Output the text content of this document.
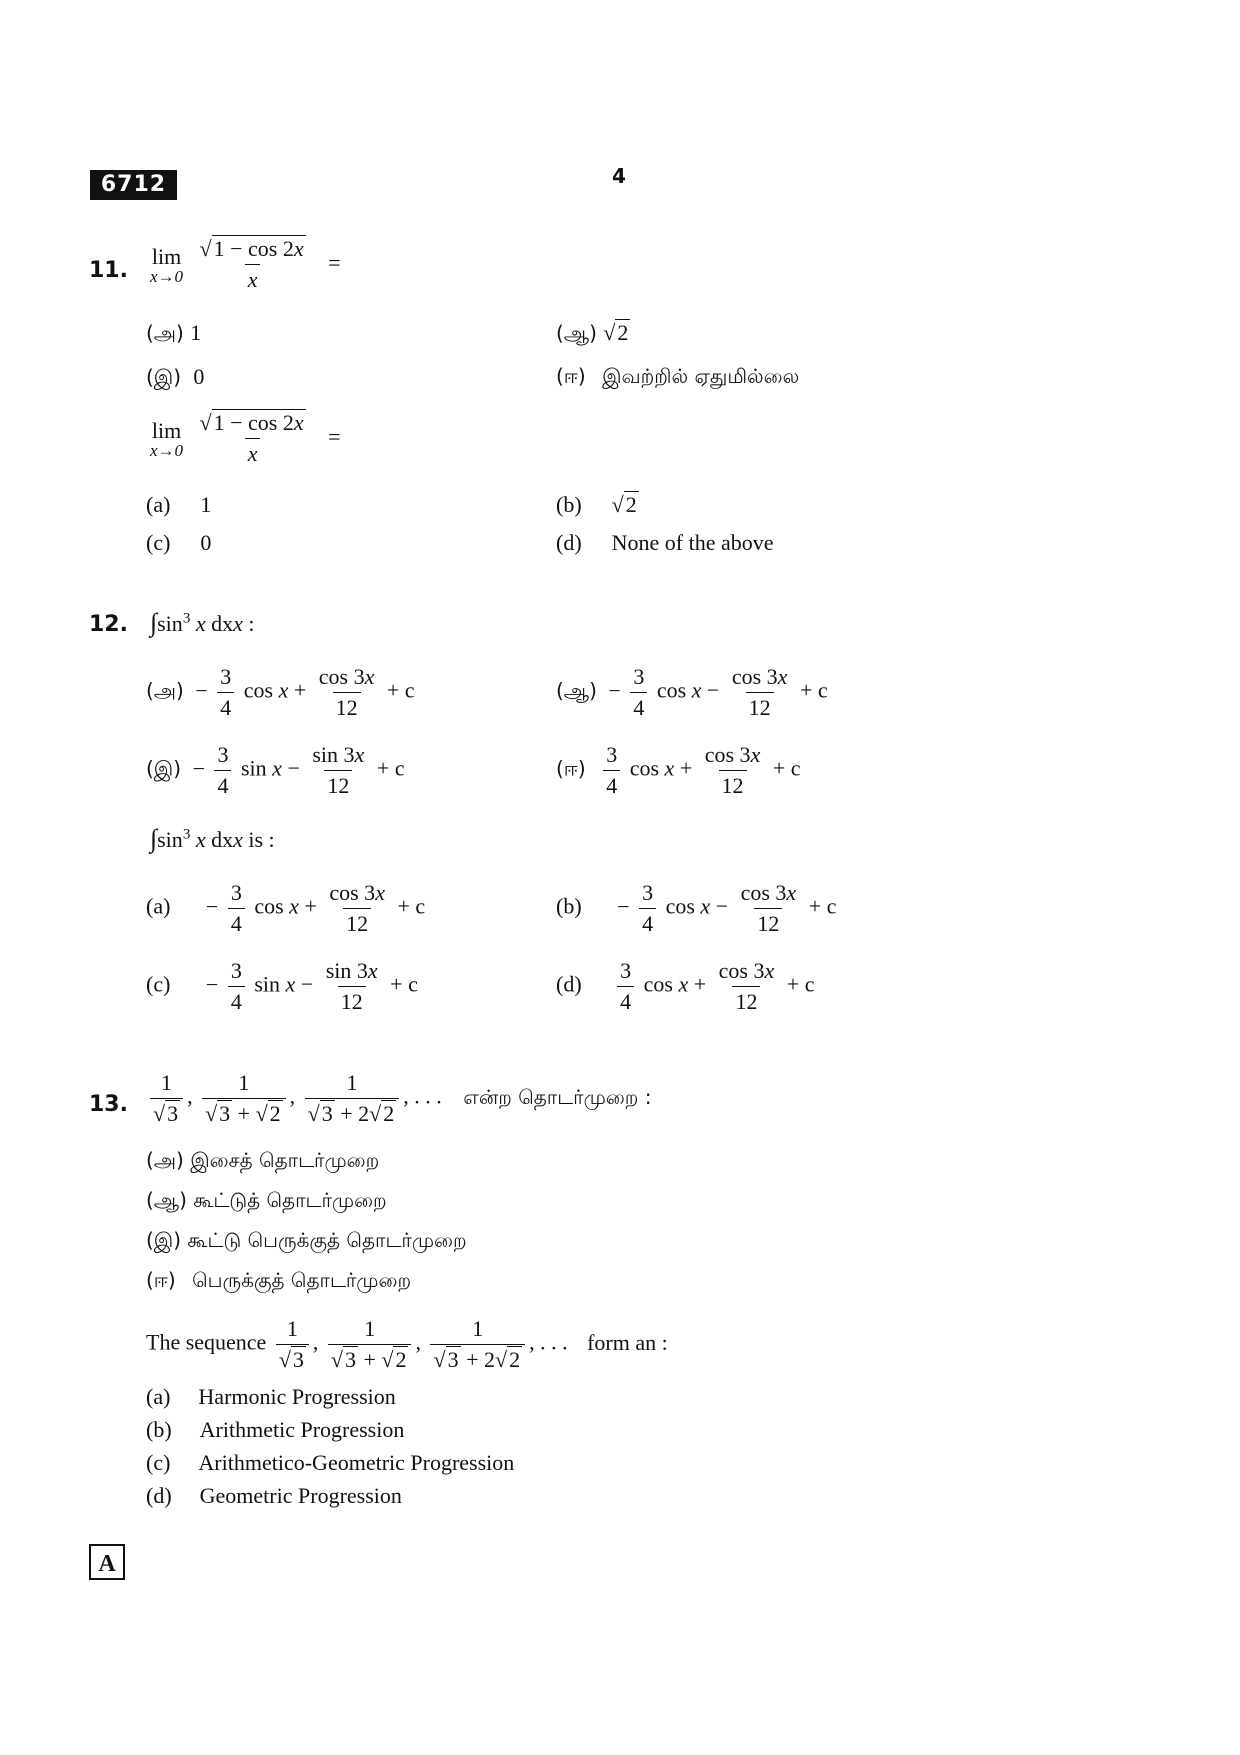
6712	4
11.
lim
x→0
$\frac{√1 - \cos 2x}{x}$ =
(அ) 1	(ஆ) √2
(இ) 0	(ஈ) இவற்றில் ஏதுமில்லை
lim
x→0
$\frac{√1 - \cos 2x}{x}$ =
(a) 1	(b) √2
(c) 0	(d) None of the above
12. $\int\sin^3$ x dxx :
(அ) − $\frac{3}{4}$ $\cos x + \frac{\cos 3x}{12} + c$	(ஆ) − $\frac{3}{4}$ $\cos x - \frac{\cos 3x}{12} + c$
(இ) − $\frac{3}{4}$ $\sin x - \frac{\sin 3x}{12} + c$	(ஈ) $\frac{3}{4}$ $\cos x + \frac{\cos 3x}{12} + c$
$\int\sin^3$ x dxx is :
$(a) - \frac{3}{4}$ $\cos x + \frac{\cos 3x}{12} + c$	$(b) - \frac{3}{4}$ $\cos x - \frac{\cos 3x}{12} + c$
$(c) - \frac{3}{4}$ $\sin x - \frac{\sin 3x}{12} + c$	$(d) \frac{3}{4}$ $\cos x + \frac{\cos 3x}{12} + c$
13. $\frac{1}{√3}$ , $\frac{1}{√3 + √2}$ , $\frac{1}{√3 + 2√2}$ , . . . என்ற தொடர்முறை :
(அ) இசைத் தொடர்முறை
(ஆ) கூட்டுத் தொடர்முறை
(இ) கூட்டு பெருக்குத் தொடர்முறை
(ஈ) பெருக்குத் தொடர்முறை
The sequence $\frac{1}{√3}$ , $\frac{1}{√3 + √2}$ , $\frac{1}{√3 + 2√2}$ , . . . form an :
(a) Harmonic Progression
(b) Arithmetic Progression
(c) Arithmetico-Geometric Progression
(d) Geometric Progression
A
